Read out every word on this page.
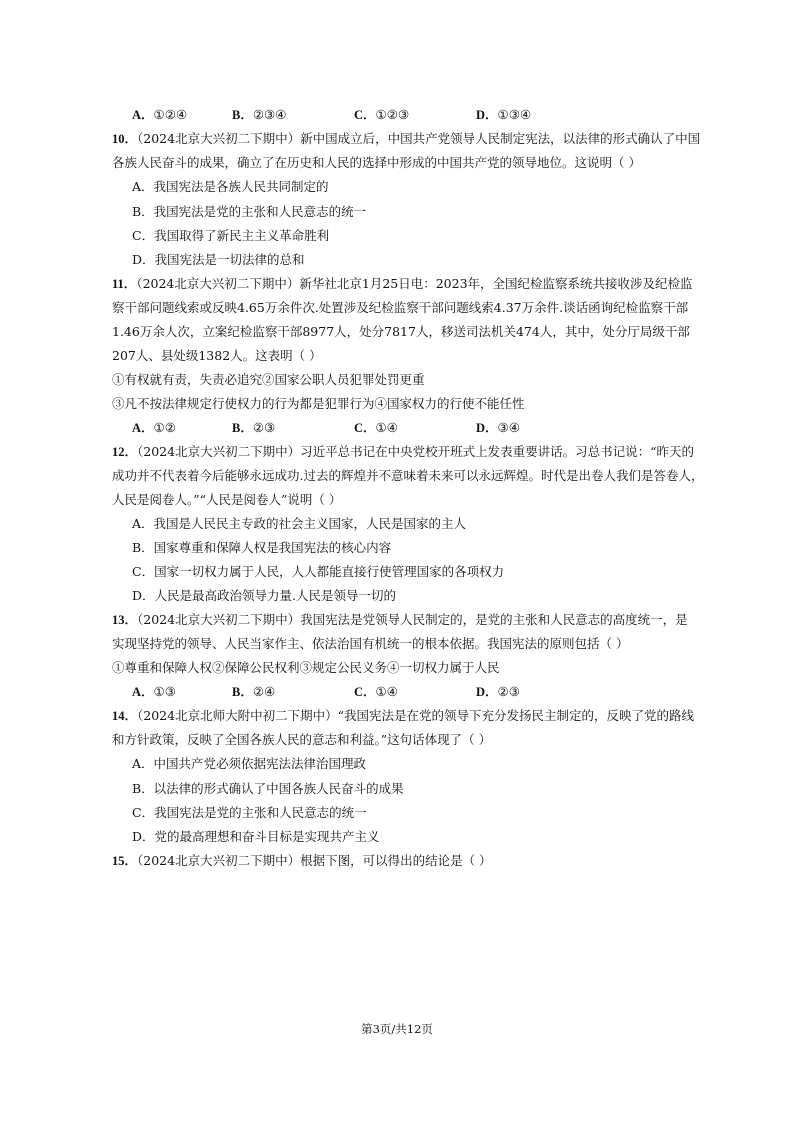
A．①②④	B．②③④	C．①②③	D．①③④
10．（2024北京大兴初二下期中）新中国成立后，中国共产党领导人民制定宪法，以法律的形式确认了中国
各族人民奋斗的成果，确立了在历史和人民的选择中形成的中国共产党的领导地位。这说明（ ）
A．我国宪法是各族人民共同制定的
B．我国宪法是党的主张和人民意志的统一
C．我国取得了新民主主义革命胜利
D．我国宪法是一切法律的总和
11．（2024北京大兴初二下期中）新华社北京1月25日电：2023年，全国纪检监察系统共接收涉及纪检监
察干部问题线索或反映4.65万余件次.处置涉及纪检监察干部问题线索4.37万余件.谈话函询纪检监察干部
1.46万余人次，立案纪检监察干部8977人，处分7817人，移送司法机关474人，其中，处分厅局级干部
207人、县处级1382人。这表明（ ）
①有权就有责，失责必追究②国家公职人员犯罪处罚更重
③凡不按法律规定行使权力的行为都是犯罪行为④国家权力的行使不能任性
A．①②	B．②③	C．①④	D．③④
12．（2024北京大兴初二下期中）习近平总书记在中央党校开班式上发表重要讲话。习总书记说：“昨天的
成功并不代表着今后能够永远成功.过去的辉煌并不意味着未来可以永远辉煌。时代是出卷人我们是答卷人，
人民是阅卷人。”“人民是阅卷人”说明（ ）
A．我国是人民民主专政的社会主义国家，人民是国家的主人
B．国家尊重和保障人权是我国宪法的核心内容
C．国家一切权力属于人民，人人都能直接行使管理国家的各项权力
D．人民是最高政治领导力量.人民是领导一切的
13．（2024北京大兴初二下期中）我国宪法是党领导人民制定的，是党的主张和人民意志的高度统一，是
实现坚持党的领导、人民当家作主、依法治国有机统一的根本依据。我国宪法的原则包括（ ）
①尊重和保障人权②保障公民权利③规定公民义务④一切权力属于人民
A．①③	B．②④	C．①④	D．②③
14．（2024北京北师大附中初二下期中）“我国宪法是在党的领导下充分发扬民主制定的，反映了党的路线
和方针政策，反映了全国各族人民的意志和利益。”这句话体现了（ ）
A．中国共产党必须依据宪法法律治国理政
B．以法律的形式确认了中国各族人民奋斗的成果
C．我国宪法是党的主张和人民意志的统一
D．党的最高理想和奋斗目标是实现共产主义
15．（2024北京大兴初二下期中）根据下图，可以得出的结论是（ ）
第3页/共12页
